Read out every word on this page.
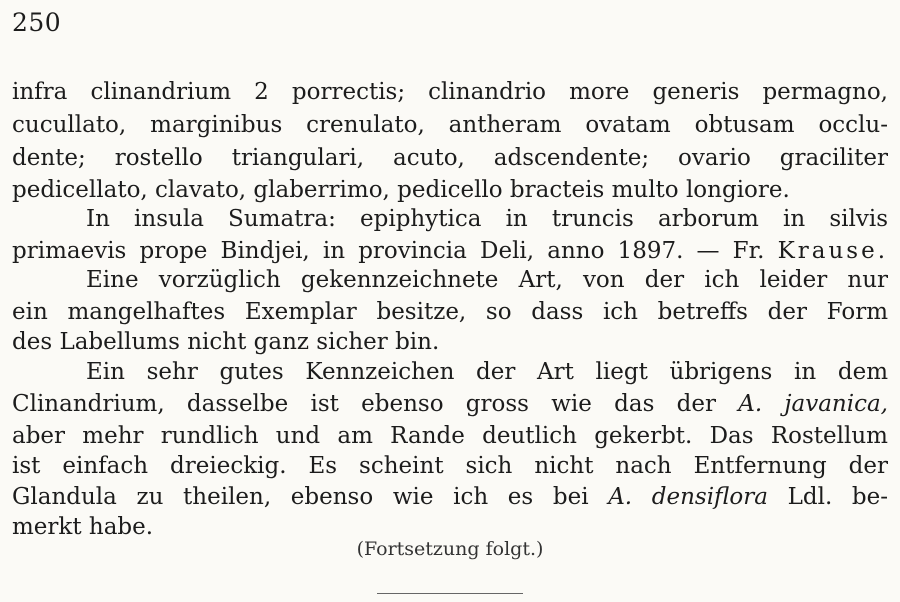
250
infra clinandrium 2 porrectis; clinandrio more generis permagno,
cucullato, marginibus crenulato, antheram ovatam obtusam occlu-
dente; rostello triangulari, acuto, adscendente; ovario graciliter
pedicellato, clavato, glaberrimo, pedicello bracteis multo longiore.
In insula Sumatra: epiphytica in truncis arborum in silvis
primaevis prope Bindjei, in provincia Deli, anno 1897. — Fr. Krause.
Eine vorzüglich gekennzeichnete Art, von der ich leider nur
ein mangelhaftes Exemplar besitze, so dass ich betreffs der Form
des Labellums nicht ganz sicher bin.
Ein sehr gutes Kennzeichen der Art liegt übrigens in dem
Clinandrium, dasselbe ist ebenso gross wie das der A. javanica,
aber mehr rundlich und am Rande deutlich gekerbt. Das Rostellum
ist einfach dreieckig. Es scheint sich nicht nach Entfernung der
Glandula zu theilen, ebenso wie ich es bei A. densiflora Ldl. be-
merkt habe.
(Fortsetzung folgt.)
